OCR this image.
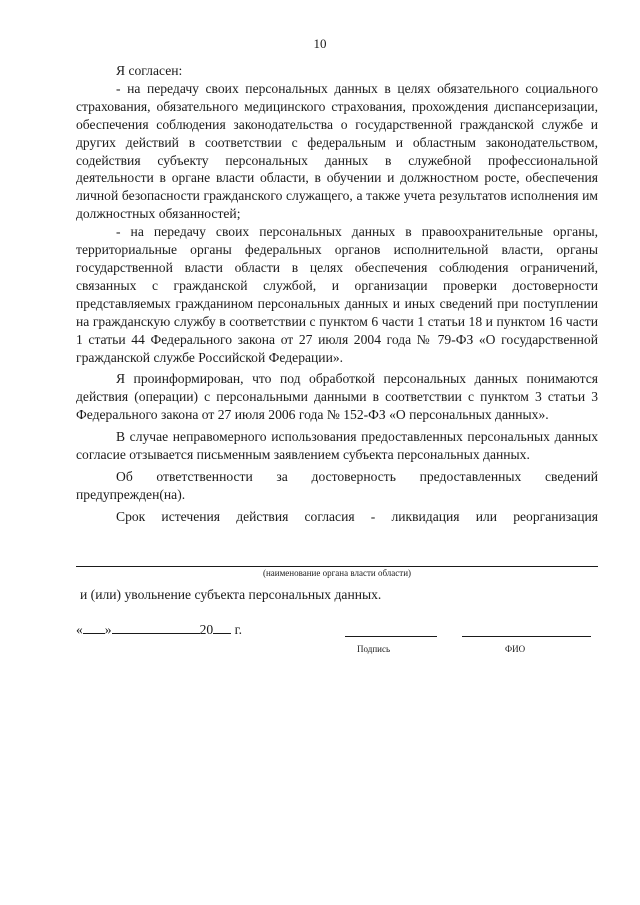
10

Я согласен:

- на передачу своих персональных данных в целях обязательного социального страхования, обязательного медицинского страхования, прохождения диспансеризации, обеспечения соблюдения законодательства о государственной гражданской службе и других действий в соответствии с федеральным и областным законодательством, содействия субъекту персональных данных в служебной профессиональной деятельности в органе власти области, в обучении и должностном росте, обеспечения личной безопасности гражданского служащего, а также учета результатов исполнения им должностных обязанностей;

- на передачу своих персональных данных в правоохранительные органы, территориальные органы федеральных органов исполнительной власти, органы государственной власти области в целях обеспечения соблюдения ограничений, связанных с гражданской службой, и организации проверки достоверности представляемых гражданином персональных данных и иных сведений при поступлении на гражданскую службу в соответствии с пунктом 6 части 1 статьи 18 и пунктом 16 части 1 статьи 44 Федерального закона от 27 июля 2004 года № 79-ФЗ «О государственной гражданской службе Российской Федерации».

Я проинформирован, что под обработкой персональных данных понимаются действия (операции) с персональными данными в соответствии с пунктом 3 статьи 3 Федерального закона от 27 июля 2006 года № 152-ФЗ «О персональных данных».

В случае неправомерного использования предоставленных персональных данных согласие отзывается письменным заявлением субъекта персональных данных.

Об ответственности за достоверность предоставленных сведений предупрежден(на).

Срок истечения действия согласия - ликвидация или реорганизация

(наименование органа власти области)
и (или) увольнение субъекта персональных данных.
« »	20 г.
Подпись	ФИО
